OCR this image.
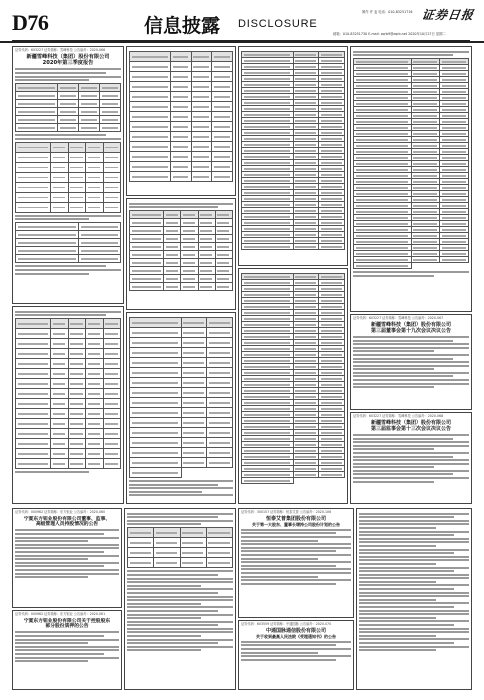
D76	信息披露 DISCLOSURE
制作 许 麦 电话：010-83251716 证券日报
邮箱：010-83251730 E-mail: zqrb9@zqrb.net 2020年10月27日 星期二
证券代码：603227 证券简称：雪峰科技 公告编号：2020-066
新疆雪峰科技（集团）股份有限公司
2020年第三季度报告
证券代码：603227 证券简称：雪峰科技 公告编号：2020-067
新疆雪峰科技（集团）股份有限公司
第三届董事会第十九次会议决议公告
证券代码：603227 证券简称：雪峰科技 公告编号：2020-068
新疆雪峰科技（集团）股份有限公司
第三届监事会第十三次会议决议公告
证券代码：000962 证券简称：东方钽业 公告编号：2020-060
宁夏东方钽业股份有限公司董事、监事、
高级管理人员持股情况的公告
证券代码：000962 证券简称：东方钽业 公告编号：2020-061
宁夏东方钽业股份有限公司关于控股股东
部分股份质押的公告
证券代码：300157 证券简称：恒泰艾普 公告编号：2020-106
恒泰艾普集团股份有限公司
关于第一大股东、董事长增持公司股份计划的公告
证券代码：603559 证券简称：中通国脉 公告编号：2020-070
中通国脉通信股份有限公司
关于收到最高人民法院《受理通知书》的公告
